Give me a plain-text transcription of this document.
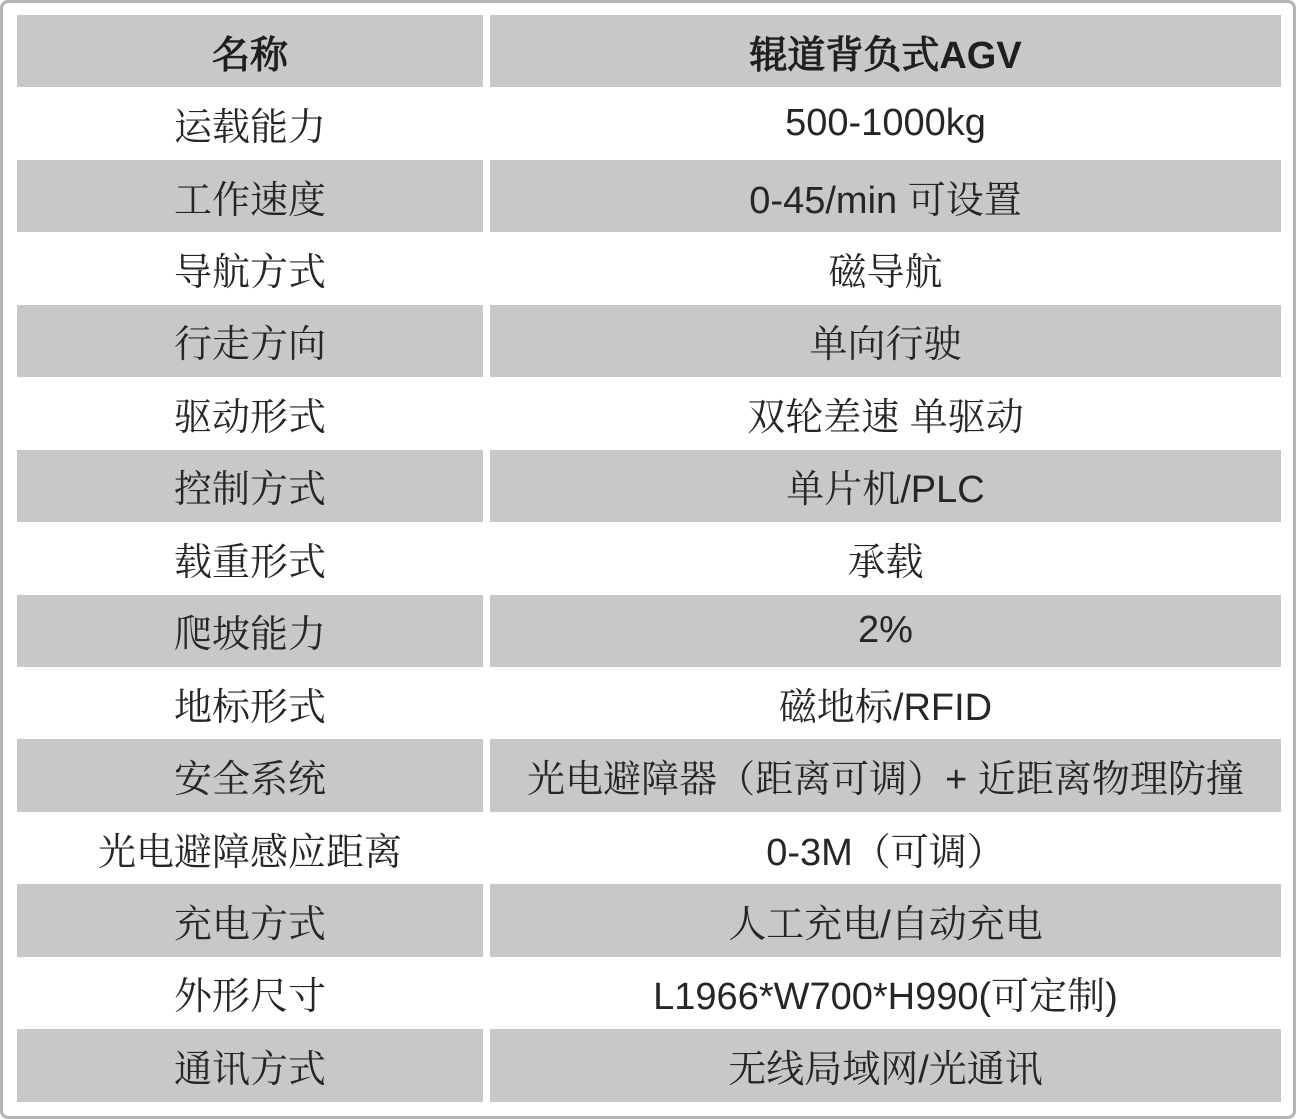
名称	辊道背负式AGV
运载能力	500-1000kg
工作速度	0-45/min 可设置
导航方式	磁导航
行走方向	单向行驶
驱动形式	双轮差速 单驱动
控制方式	单片机/PLC
载重形式	承载
爬坡能力	2%
地标形式	磁地标/RFID
安全系统	光电避障器（距离可调）+ 近距离物理防撞
光电避障感应距离	0-3M（可调）
充电方式	人工充电/自动充电
外形尺寸	L1966*W700*H990(可定制)
通讯方式	无线局域网/光通讯
